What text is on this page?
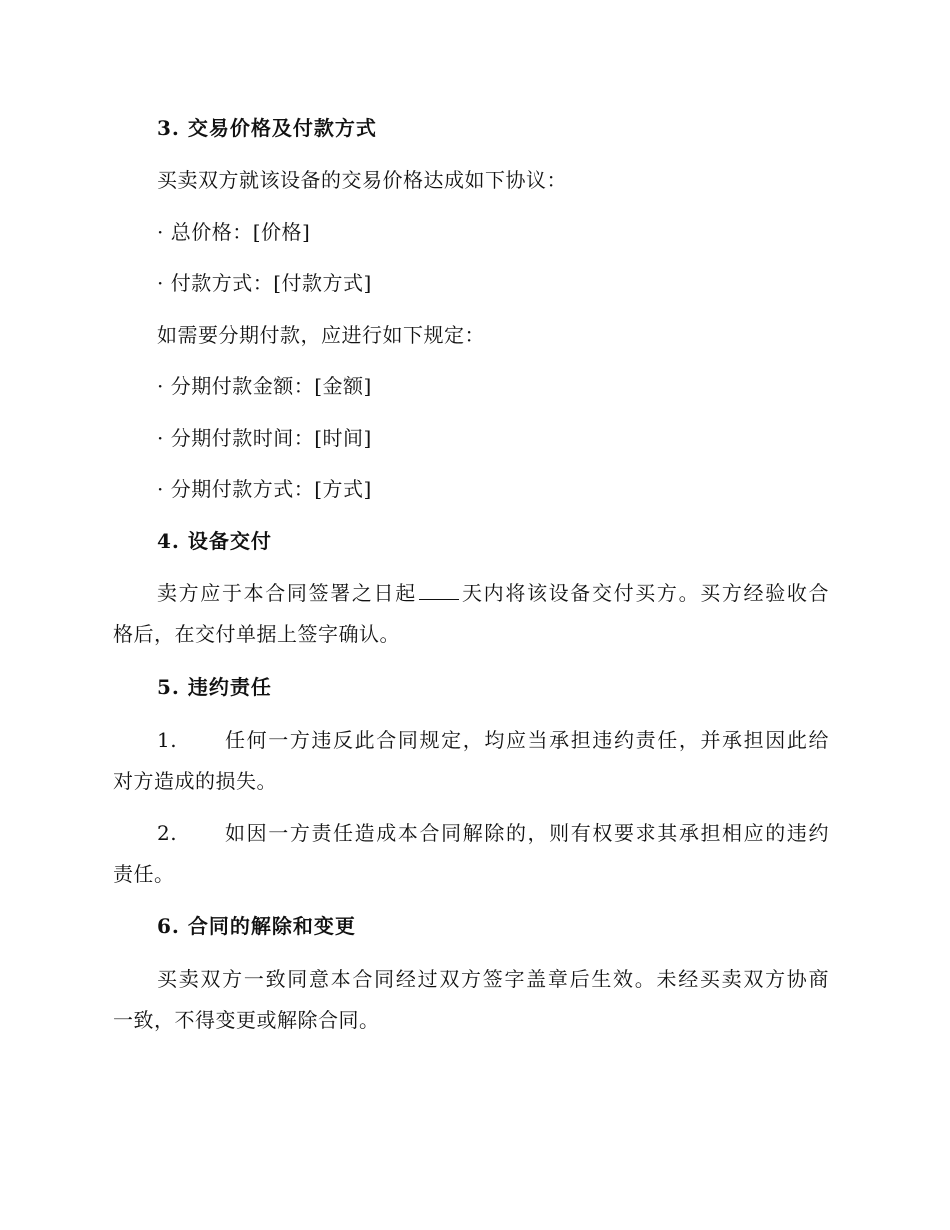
3. 交易价格及付款方式
买卖双方就该设备的交易价格达成如下协议：
· 总价格：[价格]
· 付款方式：[付款方式]
如需要分期付款，应进行如下规定：
· 分期付款金额：[金额]
· 分期付款时间：[时间]
· 分期付款方式：[方式]
4. 设备交付
卖方应于本合同签署之日起 天内将该设备交付买方。买方经验收合
格后，在交付单据上签字确认。
5. 违约责任
1. 任何一方违反此合同规定，均应当承担违约责任，并承担因此给
对方造成的损失。
2. 如因一方责任造成本合同解除的，则有权要求其承担相应的违约
责任。
6. 合同的解除和变更
买卖双方一致同意本合同经过双方签字盖章后生效。未经买卖双方协商
一致，不得变更或解除合同。
